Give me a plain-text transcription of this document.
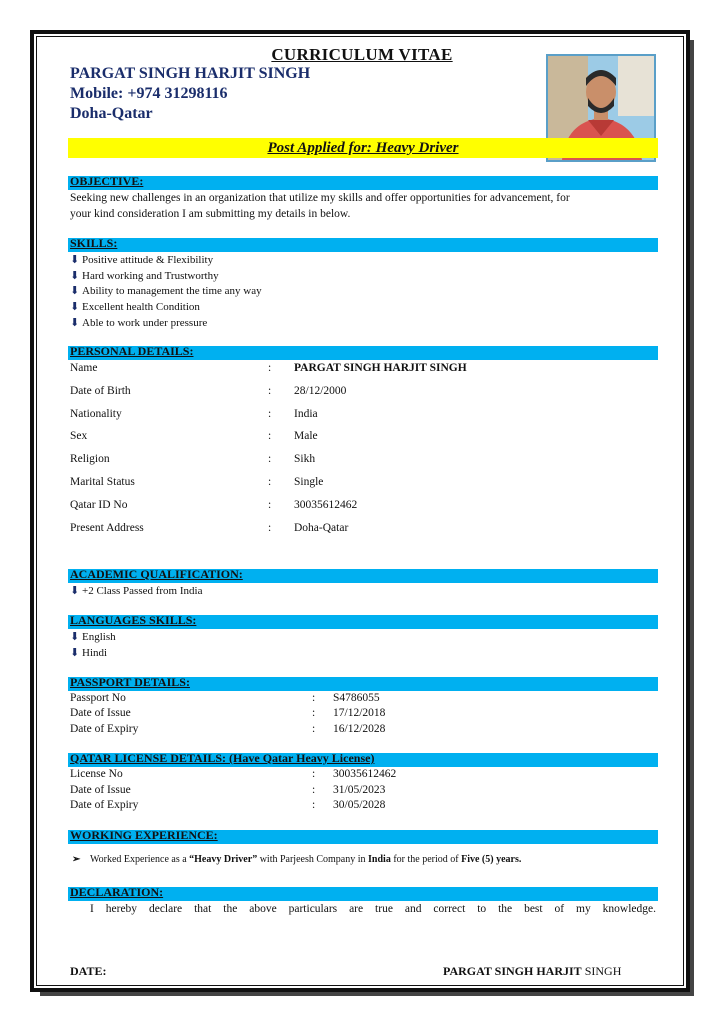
CURRICULUM VITAE
PARGAT SINGH HARJIT SINGH
Mobile: +974 31298116
Doha-Qatar
Post Applied for: Heavy Driver
OBJECTIVE:
Seeking new challenges in an organization that utilize my skills and offer opportunities for advancement, for
your kind consideration I am submitting my details in below.
SKILLS:
⬇ Positive attitude & Flexibility
⬇ Hard working and Trustworthy
⬇ Ability to management the time any way
⬇ Excellent health Condition
⬇ Able to work under pressure
PERSONAL DETAILS:
Name	: PARGAT SINGH HARJIT SINGH
Date of Birth	: 28/12/2000
Nationality	: India
Sex	: Male
Religion	: Sikh
Marital Status	: Single
Qatar ID No	: 30035612462
Present Address	: Doha-Qatar
ACADEMIC QUALIFICATION:
⬇ +2 Class Passed from India
LANGUAGES SKILLS:
⬇ English
⬇ Hindi
PASSPORT DETAILS:
Passport No	: S4786055
Date of Issue	: 17/12/2018
Date of Expiry	: 16/12/2028
QATAR LICENSE DETAILS: (Have Qatar Heavy License)
License No	: 30035612462
Date of Issue	: 31/05/2023
Date of Expiry	: 30/05/2028
WORKING EXPERIENCE:
➢ Worked Experience as a “Heavy Driver” with Parjeesh Company in India for the period of Five (5) years.
DECLARATION:
I hereby declare that the above particulars are true and correct to the best of my knowledge.
DATE:	PARGAT SINGH HARJIT SINGH
